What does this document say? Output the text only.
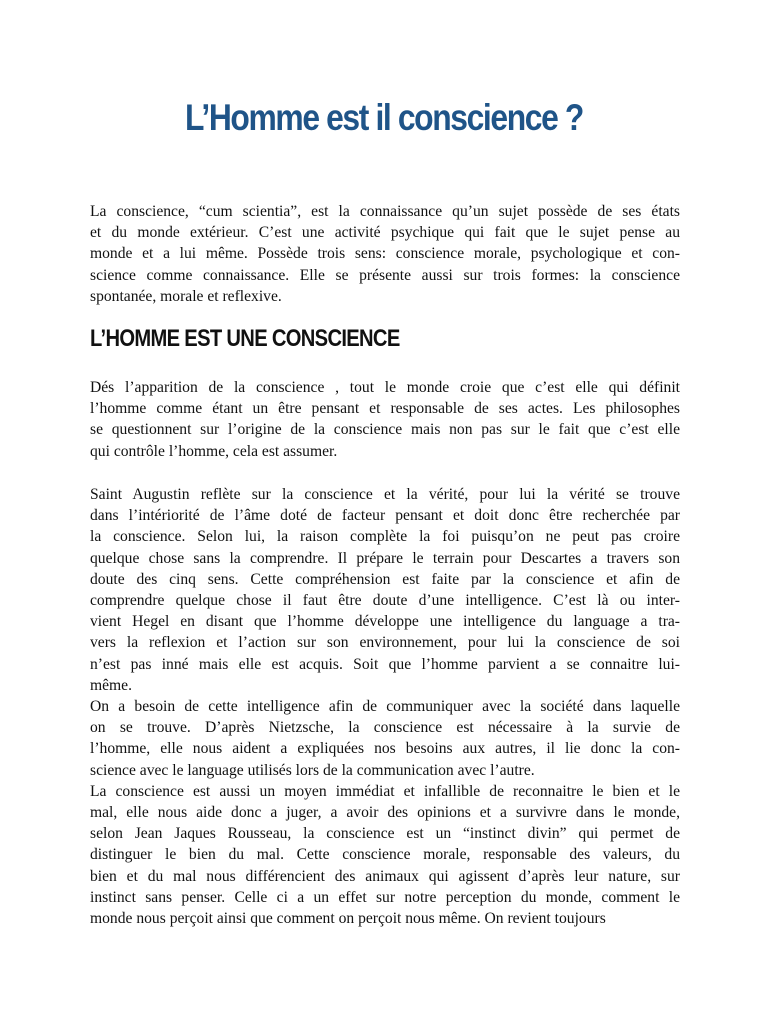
L’Homme est il conscience ?

La conscience, “cum scientia”, est la connaissance qu’un sujet possède de ses états
et du monde extérieur. C’est une activité psychique qui fait que le sujet pense au
monde et a lui même. Possède trois sens: conscience morale, psychologique et con-
science comme connaissance. Elle se présente aussi sur trois formes: la conscience
spontanée, morale et reflexive.

L’HOMME EST UNE CONSCIENCE

Dés l’apparition de la conscience , tout le monde croie que c’est elle qui définit
l’homme comme étant un être pensant et responsable de ses actes. Les philosophes
se questionnent sur l’origine de la conscience mais non pas sur le fait que c’est elle
qui contrôle l’homme, cela est assumer.

Saint Augustin reflète sur la conscience et la vérité, pour lui la vérité se trouve
dans l’intériorité de l’âme doté de facteur pensant et doit donc être recherchée par
la conscience. Selon lui, la raison complète la foi puisqu’on ne peut pas croire
quelque chose sans la comprendre. Il prépare le terrain pour Descartes a travers son
doute des cinq sens. Cette compréhension est faite par la conscience et afin de
comprendre quelque chose il faut être doute d’une intelligence. C’est là ou inter-
vient Hegel en disant que l’homme développe une intelligence du language a tra-
vers la reflexion et l’action sur son environnement, pour lui la conscience de soi
n’est pas inné mais elle est acquis. Soit que l’homme parvient a se connaitre lui-
même.
On a besoin de cette intelligence afin de communiquer avec la société dans laquelle
on se trouve. D’après Nietzsche, la conscience est nécessaire à la survie de
l’homme, elle nous aident a expliquées nos besoins aux autres, il lie donc la con-
science avec le language utilisés lors de la communication avec l’autre.
La conscience est aussi un moyen immédiat et infallible de reconnaitre le bien et le
mal, elle nous aide donc a juger, a avoir des opinions et a survivre dans le monde,
selon Jean Jaques Rousseau, la conscience est un “instinct divin” qui permet de
distinguer le bien du mal. Cette conscience morale, responsable des valeurs, du
bien et du mal nous différencient des animaux qui agissent d’après leur nature, sur
instinct sans penser. Celle ci a un effet sur notre perception du monde, comment le
monde nous perçoit ainsi que comment on perçoit nous même. On revient toujours
